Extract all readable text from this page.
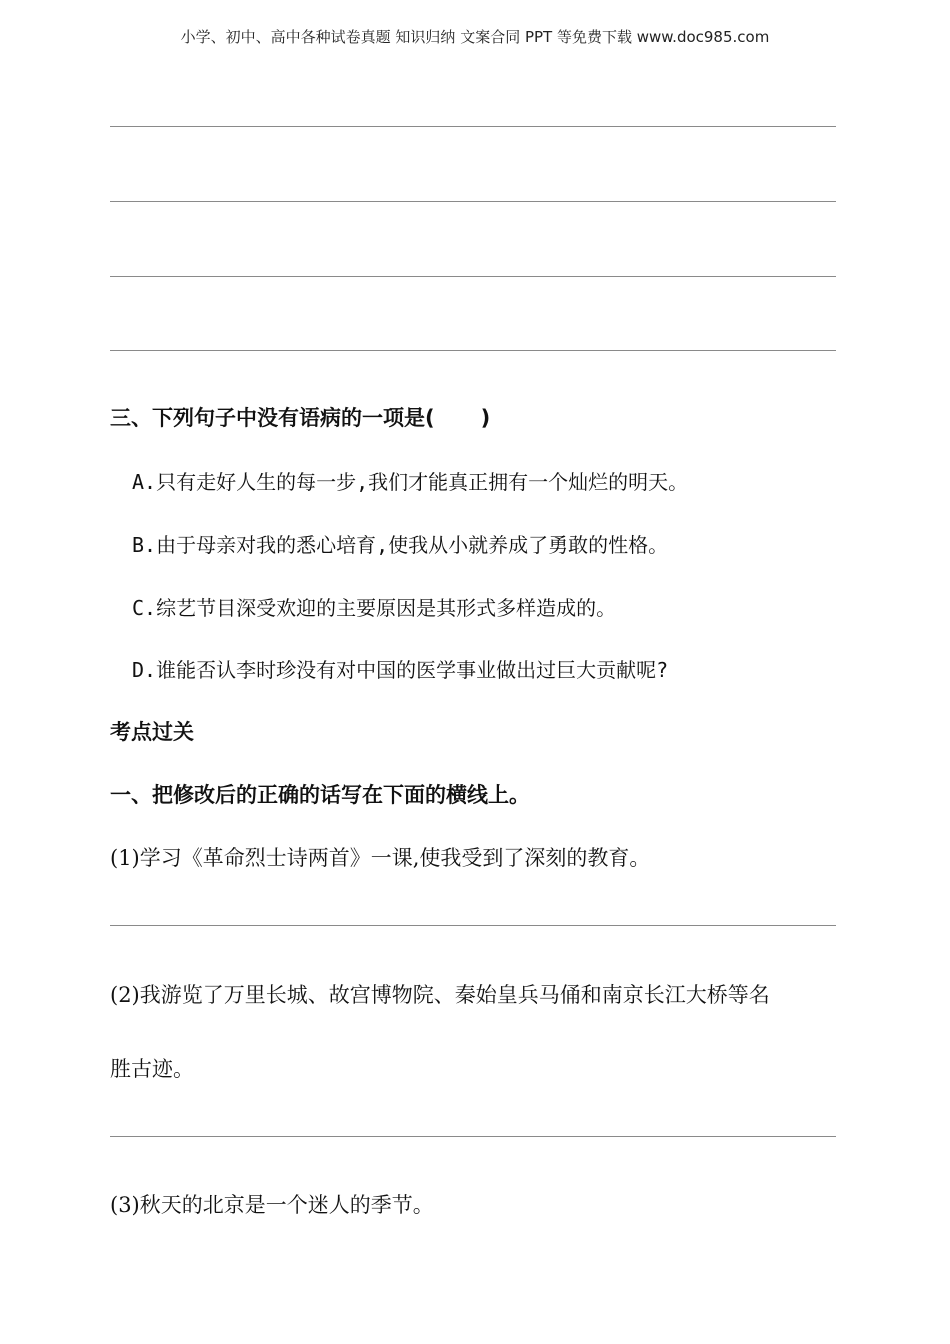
小学、初中、高中各种试卷真题 知识归纳 文案合同 PPT 等免费下载 www.doc985.com
三、下列句子中没有语病的一项是( )
A.只有走好人生的每一步,我们才能真正拥有一个灿烂的明天。
B.由于母亲对我的悉心培育,使我从小就养成了勇敢的性格。
C.综艺节目深受欢迎的主要原因是其形式多样造成的。
D.谁能否认李时珍没有对中国的医学事业做出过巨大贡献呢?
考点过关
一、把修改后的正确的话写在下面的横线上。
(1)学习《革命烈士诗两首》一课,使我受到了深刻的教育。
(2)我游览了万里长城、故宫博物院、秦始皇兵马俑和南京长江大桥等名
胜古迹。
(3)秋天的北京是一个迷人的季节。
